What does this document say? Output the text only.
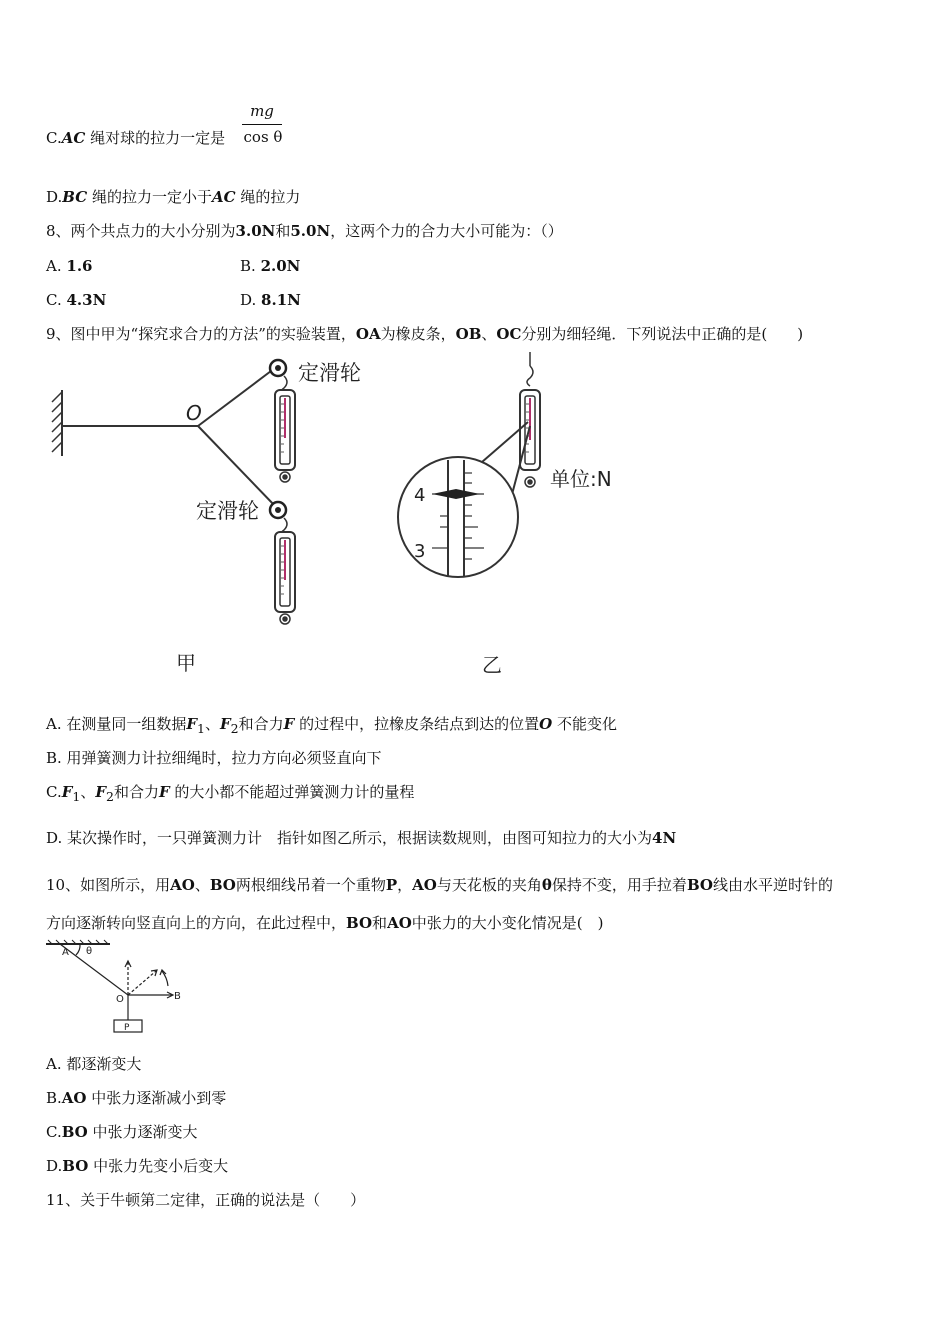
C.AC 绳对球的拉力一定是
mg
cos θ
D.BC 绳的拉力一定小于AC 绳的拉力
8、两个共点力的大小分别为3.0N和5.0N，这两个力的合力大小可能为：（）
A. 1.6	B. 2.0N
C. 4.3N	D. 8.1N
9、图中甲为“探究求合力的方法”的实验装置，OA为橡皮条，OB、OC分别为细轻绳．下列说法中正确的是(　　 )
O
定滑轮
定滑轮
甲
4
3
单位:N
乙
A. 在测量同一组数据$F_1$、$F_2$和合力F 的过程中，拉橡皮条结点到达的位置O 不能变化
B. 用弹簧测力计拉细绳时，拉力方向必须竖直向下
$C.F_1$、$F_2$和合力F 的大小都不能超过弹簧测力计的量程
D. 某次操作时，一只弹簧测力计　指针如图乙所示，根据读数规则，由图可知拉力的大小为4N
10、如图所示，用AO、BO两根细线吊着一个重物P，AO与天花板的夹角θ保持不变，用手拉着BO线由水平逆时针的
方向逐渐转向竖直向上的方向，在此过程中，BO和AO中张力的大小变化情况是(　 )
A θ
O	B
P
A. 都逐渐变大
B.AO 中张力逐渐减小到零
C.BO 中张力逐渐变大
D.BO 中张力先变小后变大
11、关于牛顿第二定律，正确的说法是（　　）
